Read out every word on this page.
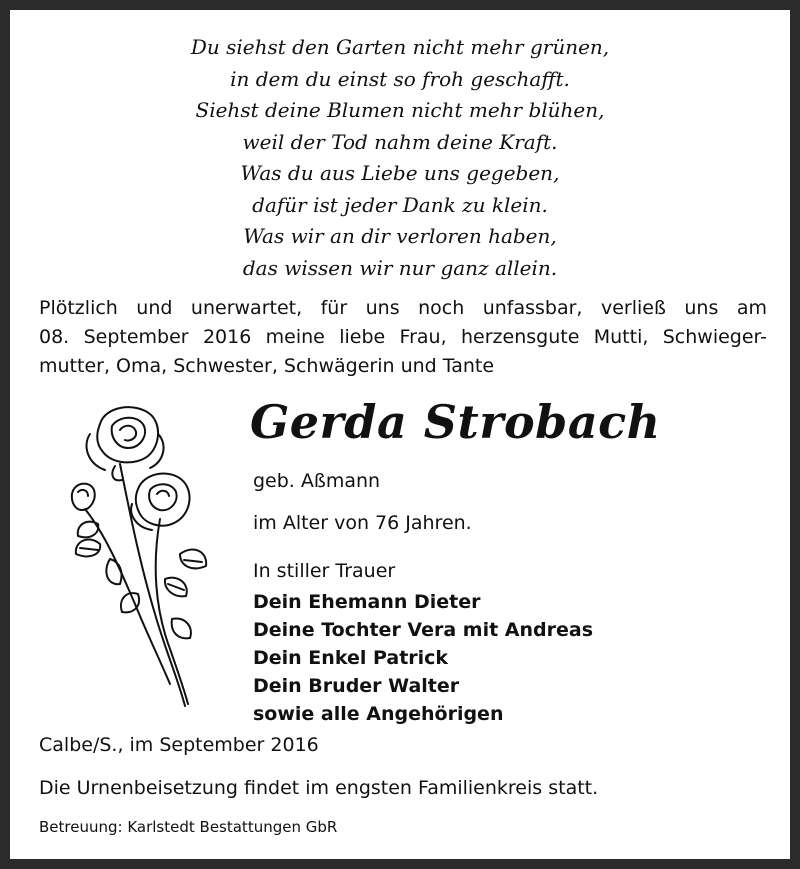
Du siehst den Garten nicht mehr grünen,
in dem du einst so froh geschafft.
Siehst deine Blumen nicht mehr blühen,
weil der Tod nahm deine Kraft.
Was du aus Liebe uns gegeben,
dafür ist jeder Dank zu klein.
Was wir an dir verloren haben,
das wissen wir nur ganz allein.
Plötzlich und unerwartet, für uns noch unfassbar, verließ uns am
08. September 2016 meine liebe Frau, herzensgute Mutti, Schwieger-
mutter, Oma, Schwester, Schwägerin und Tante
Gerda Strobach
geb. Aßmann
im Alter von 76 Jahren.
In stiller Trauer
Dein Ehemann Dieter
Deine Tochter Vera mit Andreas
Dein Enkel Patrick
Dein Bruder Walter
sowie alle Angehörigen
Calbe/S., im September 2016
Die Urnenbeisetzung findet im engsten Familienkreis statt.
Betreuung: Karlstedt Bestattungen GbR
